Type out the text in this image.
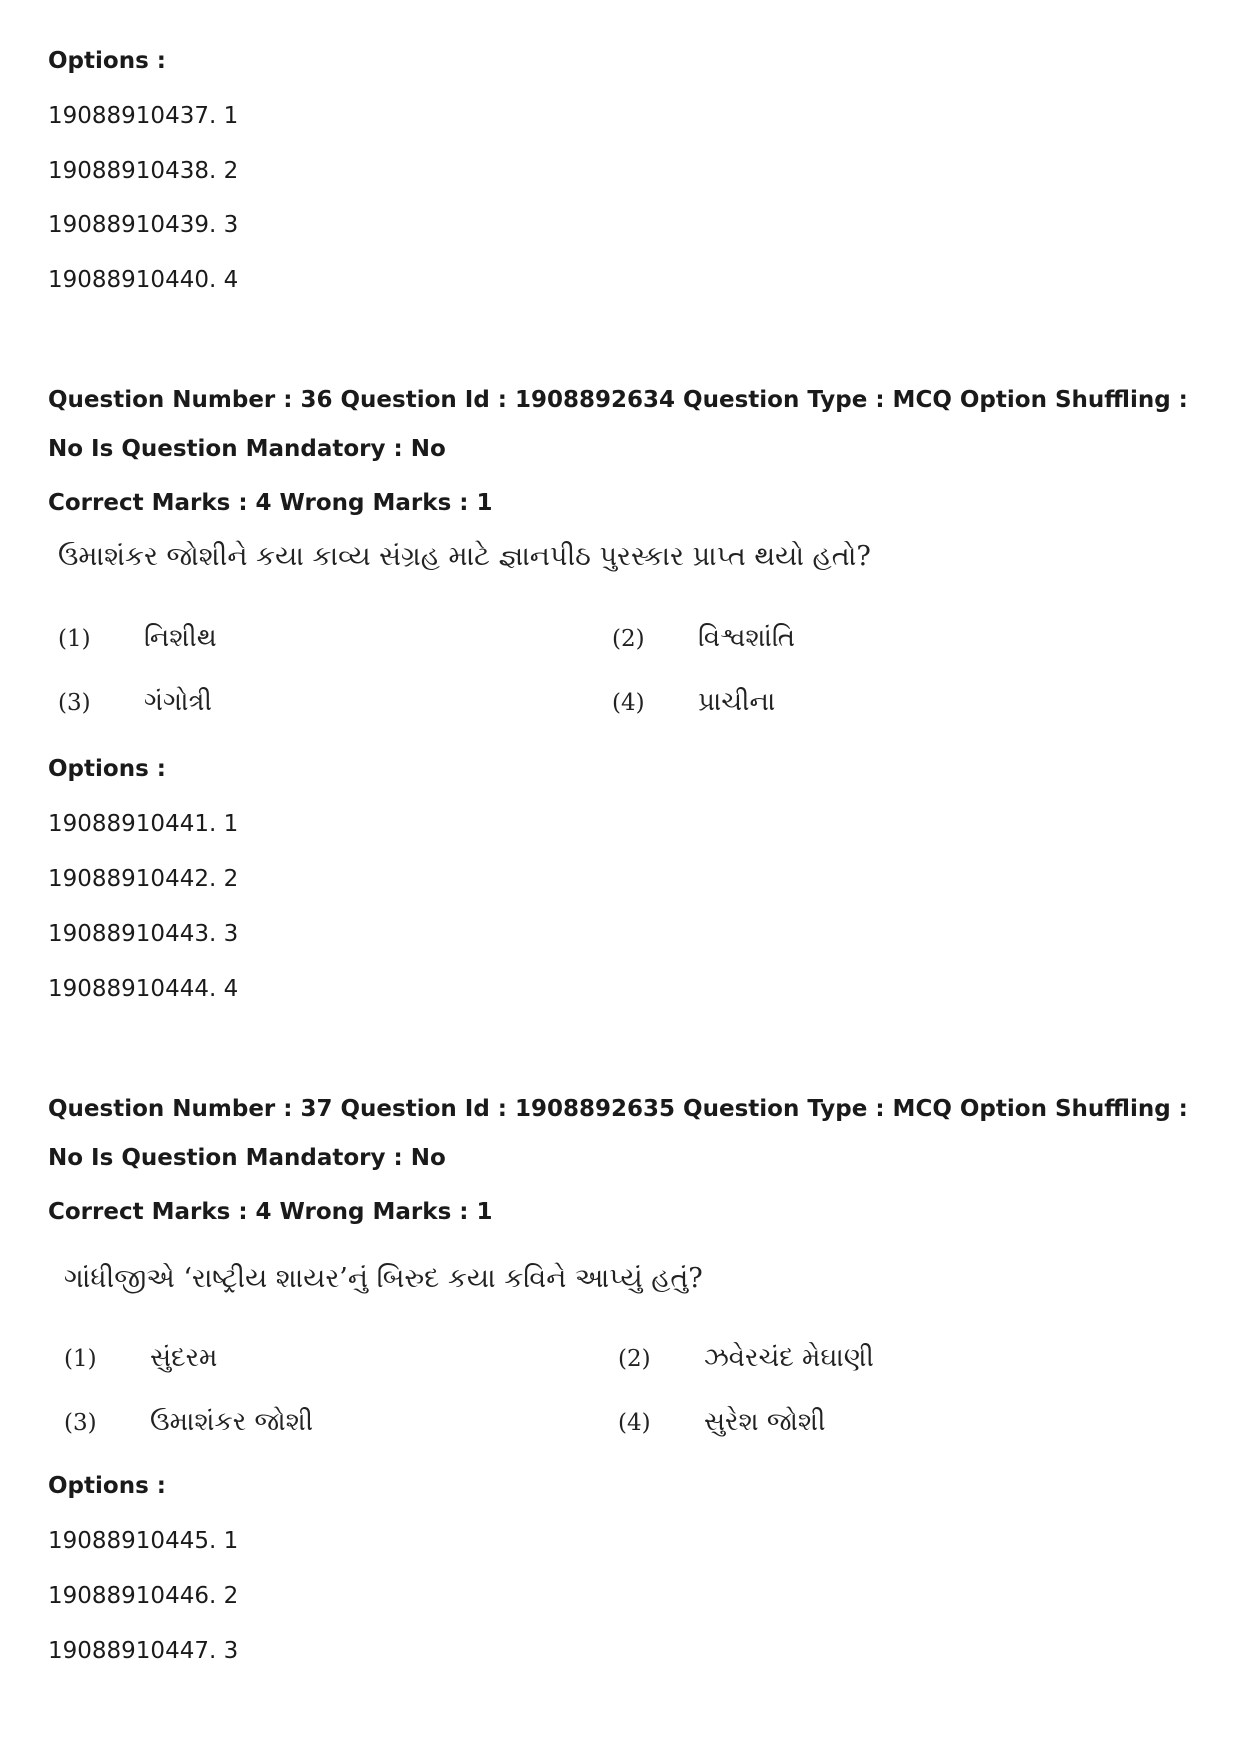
Options :
19088910437. 1
19088910438. 2
19088910439. 3
19088910440. 4
Question Number : 36 Question Id : 1908892634 Question Type : MCQ Option Shuffling : No Is Question Mandatory : No
Correct Marks : 4 Wrong Marks : 1
ઉમાશંકર જોશીને કયા કાવ્ય સંગ્રહ માટે જ્ઞાનપીઠ પુરસ્કાર પ્રાપ્ત થયો હતો?
(1) નિશીથ	(2) વિશ્વશાંતિ
(3) ગંગોત્રી	(4) પ્રાચીના
Options :
19088910441. 1
19088910442. 2
19088910443. 3
19088910444. 4
Question Number : 37 Question Id : 1908892635 Question Type : MCQ Option Shuffling : No Is Question Mandatory : No
Correct Marks : 4 Wrong Marks : 1
ગાંધીજીએ ‘રાષ્ટ્રીય શાયર’નું બિરુદ કયા કવિને આપ્યું હતું?
(1) સુંદરમ	(2) ઝવેરચંદ મેઘાણી
(3) ઉમાશંકર જોશી	(4) સુરેશ જોશી
Options :
19088910445. 1
19088910446. 2
19088910447. 3
